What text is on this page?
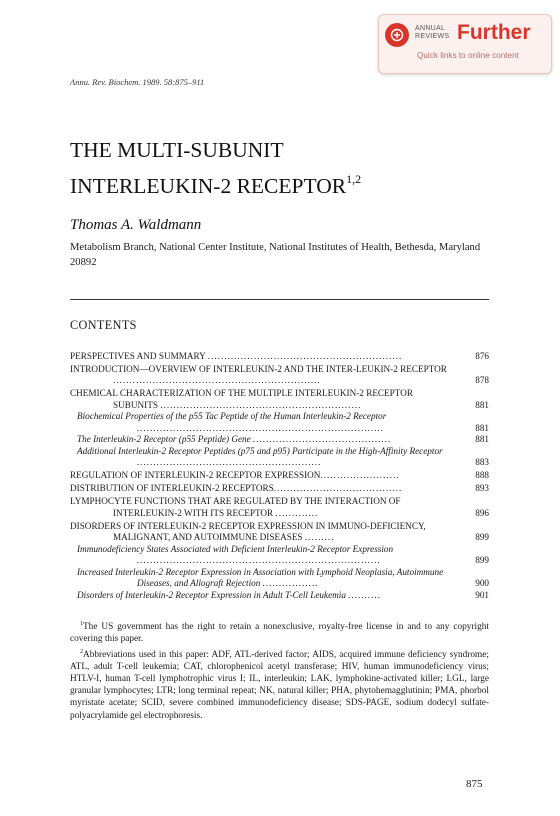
ANNUAL
REVIEWS Further
Quick links to online content
Annu. Rev. Biochem. 1989. 58:875–911
THE MULTI-SUBUNIT
INTERLEUKIN-2 RECEPTOR$^{1,2}$
Thomas A. Waldmann
Metabolism Branch, National Center Institute, National Institutes of Health, Bethesda, Maryland 20892
CONTENTS
PERSPECTIVES AND SUMMARY ...........................................................	876
INTRODUCTION—OVERVIEW OF INTERLEUKIN-2 AND THE INTER-LEUKIN-2 RECEPTOR ...............................................................	878
CHEMICAL CHARACTERIZATION OF THE MULTIPLE INTERLEUKIN-2 RECEPTOR SUBUNITS .............................................................	881
Biochemical Properties of the p55 Tac Peptide of the Human Interleukin-2 Receptor ...........................................................................	881
The Interleukin-2 Receptor (p55 Peptide) Gene ..........................................	881
Additional Interleukin-2 Receptor Peptides (p75 and p95) Participate in the High-Affinity Receptor ........................................................	883
REGULATION OF INTERLEUKIN-2 RECEPTOR EXPRESSION........................	888
DISTRIBUTION OF INTERLEUKIN-2 RECEPTORS.......................................	893
LYMPHOCYTE FUNCTIONS THAT ARE REGULATED BY THE INTERACTION OF INTERLEUKIN-2 WITH ITS RECEPTOR .............	896
DISORDERS OF INTERLEUKIN-2 RECEPTOR EXPRESSION IN IMMUNO-DEFICIENCY, MALIGNANT, AND AUTOIMMUNE DISEASES .........	899
Immunodeficiency States Associated with Deficient Interleukin-2 Receptor Expression ..........................................................................	899
Increased Interleukin-2 Receptor Expression in Association with Lymphoid Neoplasia, Autoimmune Diseases, and Allograft Rejection .................	900
Disorders of Interleukin-2 Receptor Expression in Adult T-Cell Leukemia ..........	901

$^1$The US government has the right to retain a nonexclusive, royalty-free license in and to any copyright covering this paper.

$^2$Abbreviations used in this paper: ADF, ATL-derived factor; AIDS, acquired immune deficiency syndrome; ATL, adult T-cell leukemia; CAT, chlorophenicol acetyl transferase; HIV, human immunodeficiency virus; HTLV-I, human T-cell lymphotrophic virus I; IL, interleukin; LAK, lymphokine-activated killer; LGL, large granular lymphocytes; LTR; long terminal repeat; NK, natural killer; PHA, phytohemagglutinin; PMA, phorbol myristate acetate; SCID, severe combined immunodeficiency disease; SDS-PAGE, sodium dodecyl sulfate-polyacrylamide gel electrophoresis.

875
